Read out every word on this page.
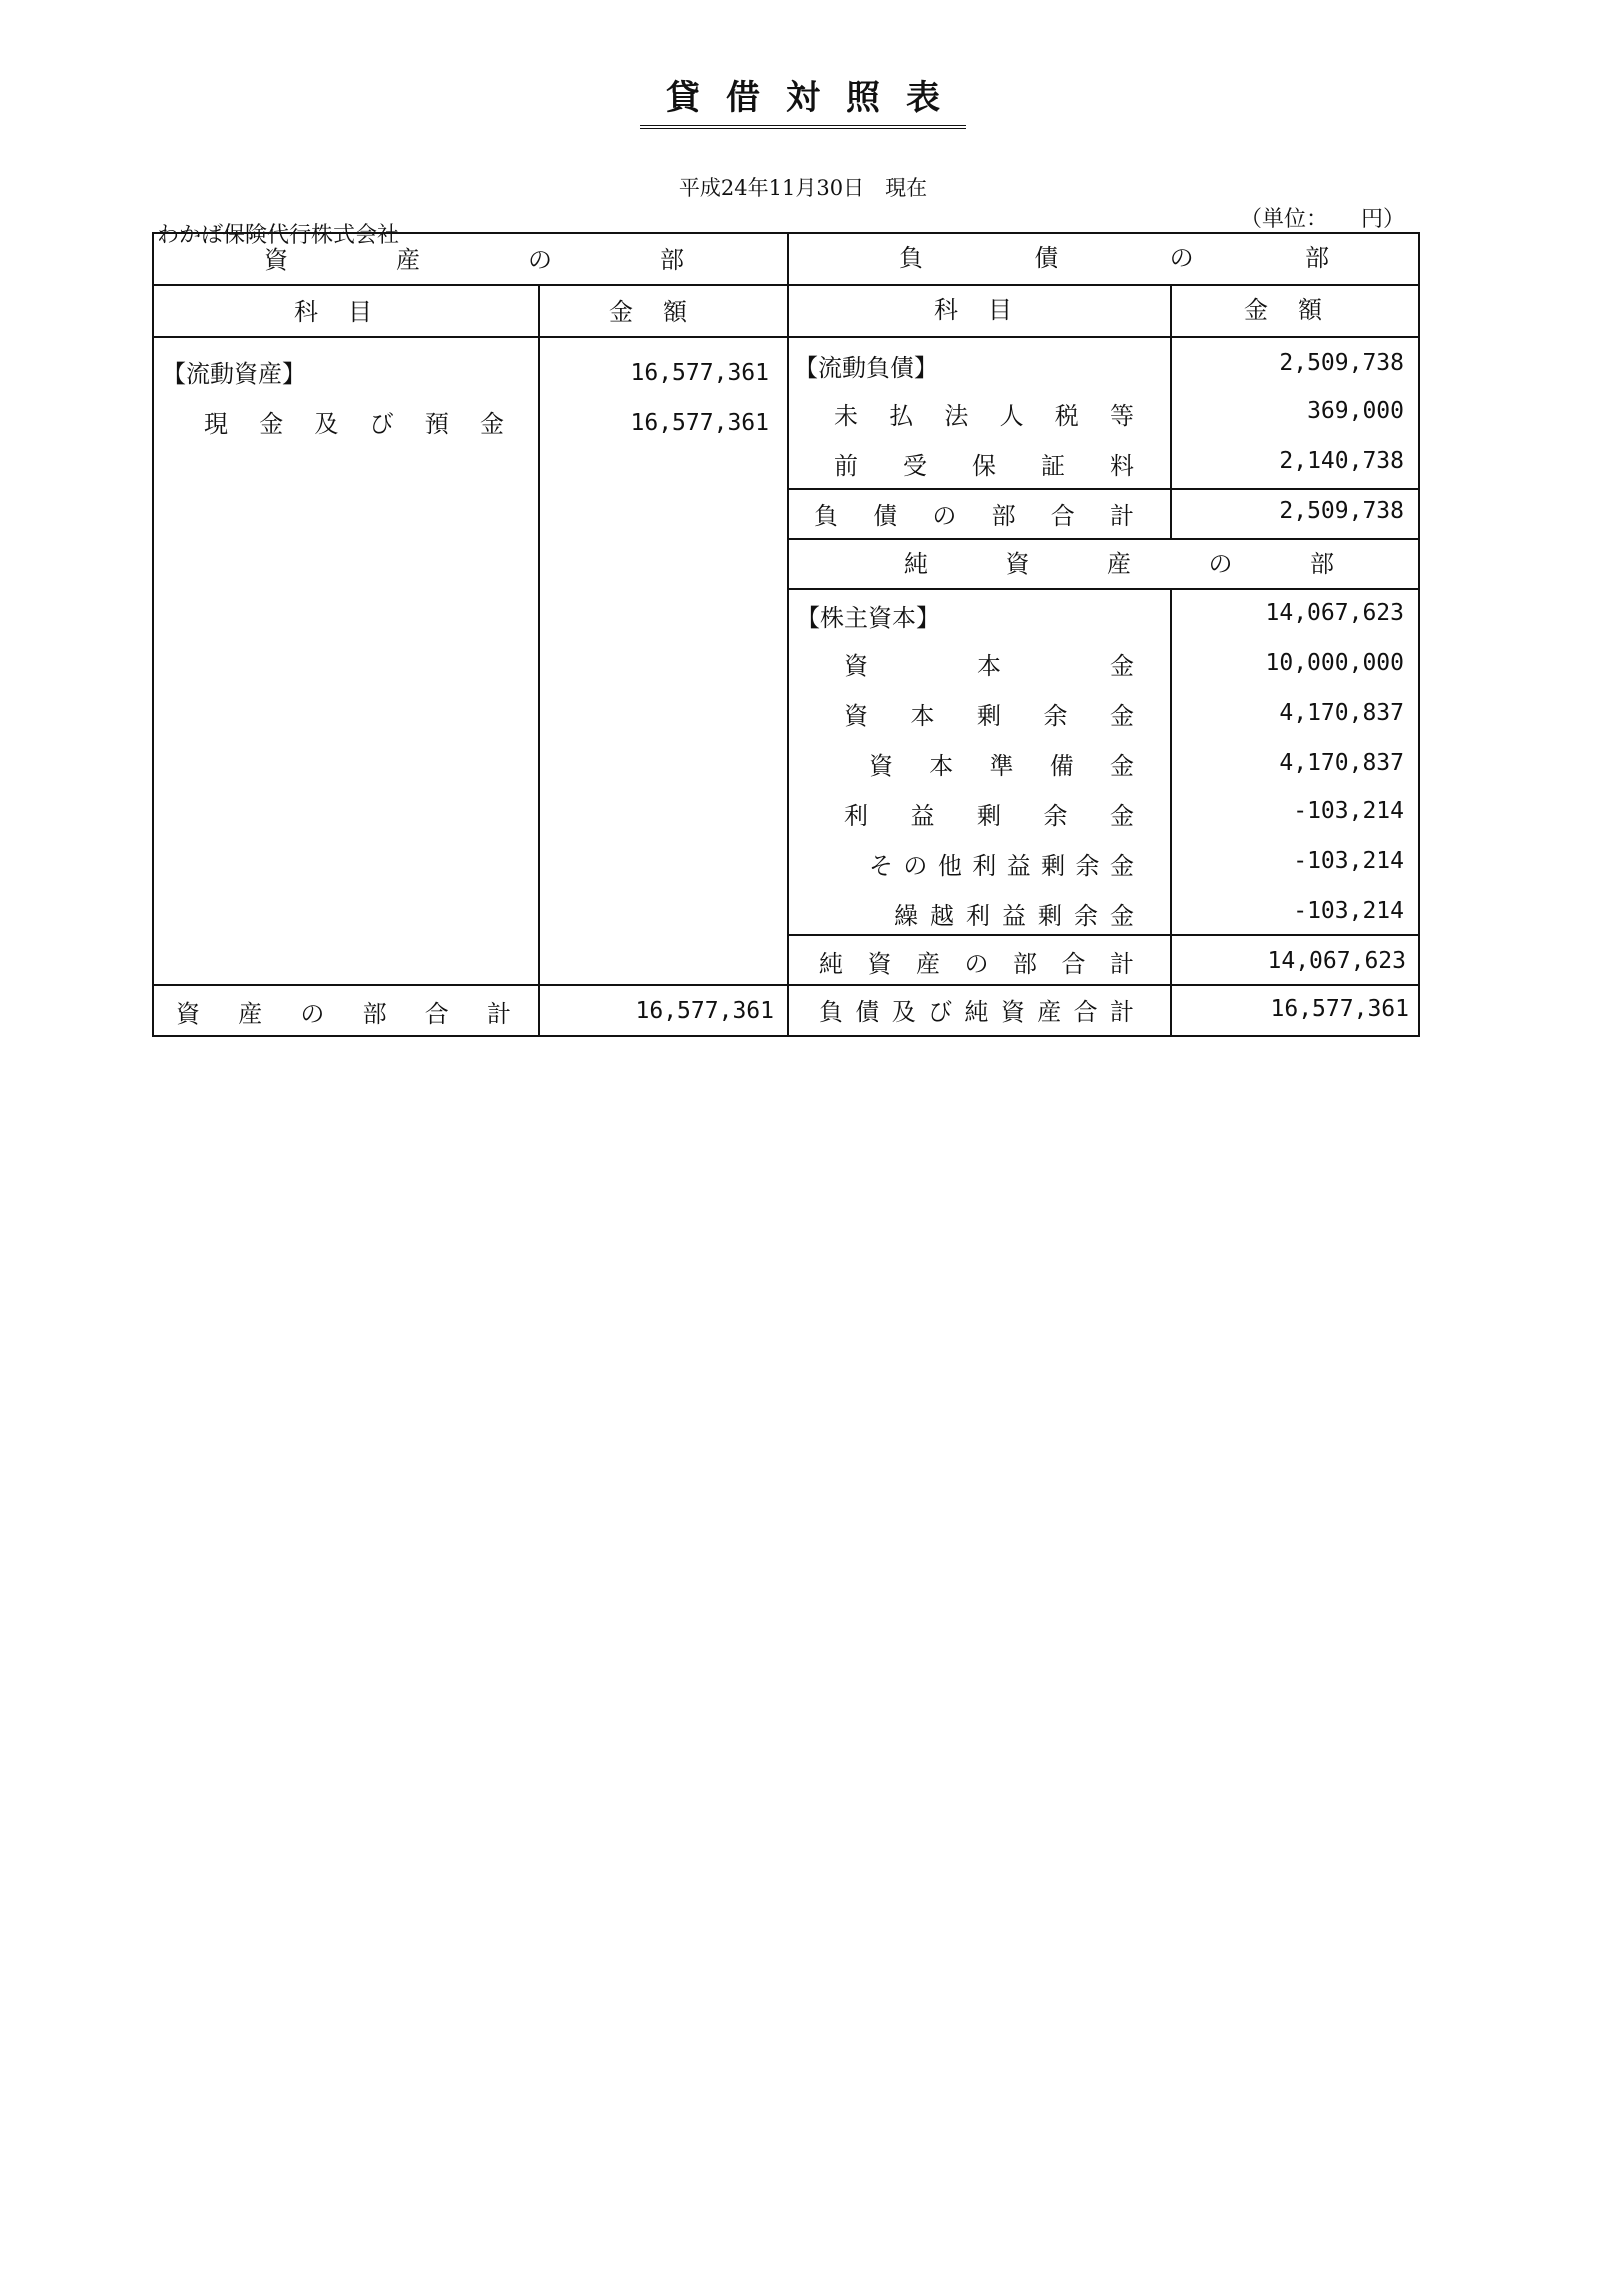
貸借対照表
平成24年11月30日　現在
わかば保険代行株式会社
（単位：　　円）
資	産	の	部	負	債	の	部
科目	金額	科目	金額
【流動資産】	16,577,361
現 金 及 び 預 金	16,577,361
【流動負債】	2,509,738
未 払 法 人 税 等	369,000
前 受 保 証 料	2,140,738
負 債 の 部 合 計	2,509,738
純	資	産	の	部
【株主資本】	14,067,623
資	本	金	10,000,000
資 本 剰 余 金	4,170,837
資 本 準 備 金	4,170,837
利 益 剰 余 金	-103,214
そ の 他 利 益 剰 余 金	-103,214
繰 越 利 益 剰 余 金	-103,214
純 資 産 の 部 合 計	14,067,623
資 産 の 部 合 計	16,577,361 負 債 及 び 純 資 産 合 計	16,577,361
